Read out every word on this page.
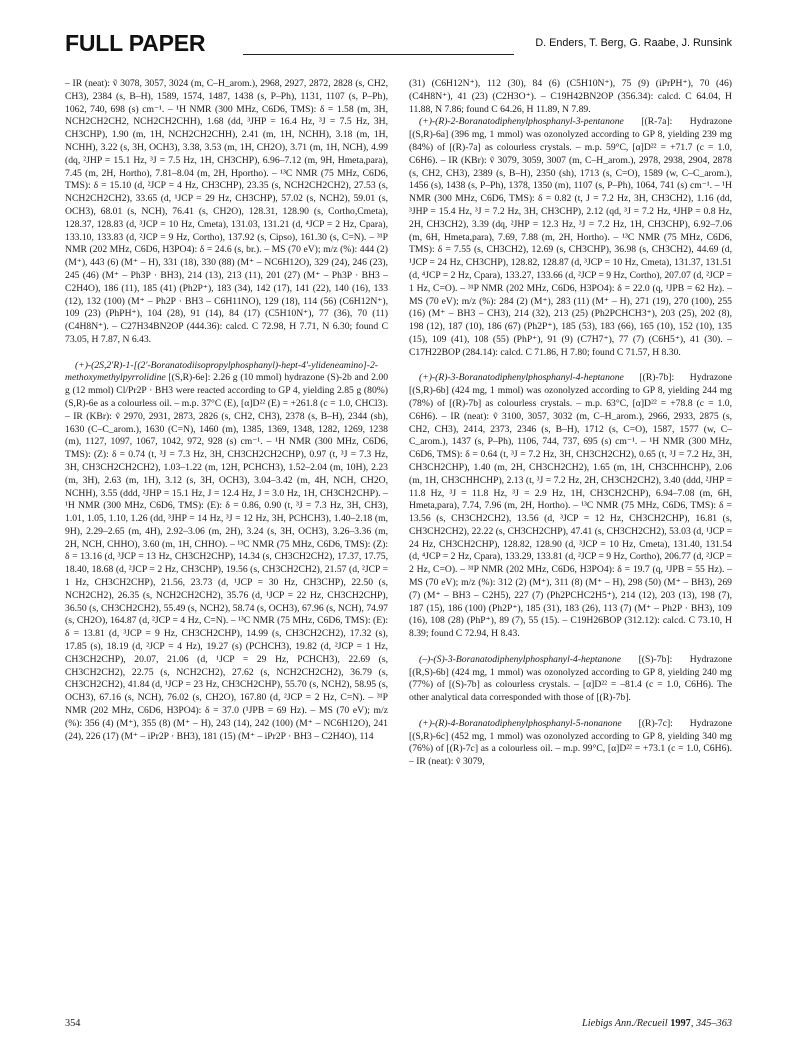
FULL PAPER	D. Enders, T. Berg, G. Raabe, J. Runsink

– IR (neat): ṽ 3078, 3057, 3024 (m, C–H_arom.), 2968, 2927, 2872, 2828 (s, CH2, CH3), 2384 (s, B–H), 1589, 1574, 1487, 1438 (s, P–Ph), 1131, 1107 (s, P–Ph), 1062, 740, 698 (s) cm⁻¹. – ¹H NMR (300 MHz, C6D6, TMS): δ = 1.58 (m, 3H, NCH2CH2CH2, NCH2CH2CHH), 1.68 (dd, ³JHP = 16.4 Hz, ³J = 7.5 Hz, 3H, CH3CHP), 1.90 (m, 1H, NCH2CH2CHH), 2.41 (m, 1H, NCHH), 3.18 (m, 1H, NCHH), 3.22 (s, 3H, OCH3), 3.38, 3.53 (m, 1H, CH2O), 3.71 (m, 1H, NCH), 4.99 (dq, ²JHP = 15.1 Hz, ³J = 7.5 Hz, 1H, CH3CHP), 6.96–7.12 (m, 9H, Hmeta,para), 7.45 (m, 2H, Hortho), 7.81–8.04 (m, 2H, Hportho). – ¹³C NMR (75 MHz, C6D6, TMS): δ = 15.10 (d, ²JCP = 4 Hz, CH3CHP), 23.35 (s, NCH2CH2CH2), 27.53 (s, NCH2CH2CH2), 33.65 (d, ¹JCP = 29 Hz, CH3CHP), 57.02 (s, NCH2), 59.01 (s, OCH3), 68.01 (s, NCH), 76.41 (s, CH2O), 128.31, 128.90 (s, Cortho,Cmeta), 128.37, 128.83 (d, ³JCP = 10 Hz, Cmeta), 131.03, 131.21 (d, ⁴JCP = 2 Hz, Cpara), 133.10, 133.83 (d, ²JCP = 9 Hz, Cortho), 137.92 (s, Cipso), 161.30 (s, C=N). – ³¹P NMR (202 MHz, C6D6, H3PO4): δ = 24.6 (s, br.). – MS (70 eV); m/z (%): 444 (2) (M⁺), 443 (6) (M⁺ – H), 331 (18), 330 (88) (M⁺ – NC6H12O), 329 (24), 246 (23), 245 (46) (M⁺ – Ph3P · BH3), 214 (13), 213 (11), 201 (27) (M⁺ – Ph3P · BH3 – C2H4O), 186 (11), 185 (41) (Ph2P⁺), 183 (34), 142 (17), 141 (22), 140 (16), 133 (12), 132 (100) (M⁺ – Ph2P · BH3 – C6H11NO), 129 (18), 114 (56) (C6H12N⁺), 109 (23) (PhPH⁺), 104 (28), 91 (14), 84 (17) (C5H10N⁺), 77 (36), 70 (11) (C4H8N⁺). – C27H34BN2OP (444.36): calcd. C 72.98, H 7.71, N 6.30; found C 73.05, H 7.87, N 6.43.

(+)-(2S,2′R)-1-[(2′-Boranatodiisopropylphosphanyl)-hept-4′-ylideneamino]-2-methoxymethylpyrrolidine [(S,R)-6e]: 2.26 g (10 mmol) hydrazone (S)-2b and 2.00 g (12 mmol) Cl/Pr2P · BH3 were reacted according to GP 4, yielding 2.85 g (80%) (S,R)-6e as a colourless oil. – m.p. 37°C (E), [α]D²² (E) = +261.8 (c = 1.0, CHCl3). – IR (KBr): ṽ 2970, 2931, 2873, 2826 (s, CH2, CH3), 2378 (s, B–H), 2344 (sh), 1630 (C–C_arom.), 1630 (C=N), 1460 (m), 1385, 1369, 1348, 1282, 1269, 1238 (m), 1127, 1097, 1067, 1042, 972, 928 (s) cm⁻¹. – ¹H NMR (300 MHz, C6D6, TMS): (Z): δ = 0.74 (t, ³J = 7.3 Hz, 3H, CH3CH2CH2CHP), 0.97 (t, ³J = 7.3 Hz, 3H, CH3CH2CH2CH2), 1.03–1.22 (m, 12H, PCHCH3), 1.52–2.04 (m, 10H), 2.23 (m, 3H), 2.63 (m, 1H), 3.12 (s, 3H, OCH3), 3.04–3.42 (m, 4H, NCH, CH2O, NCHH), 3.55 (ddd, ²JHP = 15.1 Hz, J = 12.4 Hz, J = 3.0 Hz, 1H, CH3CH2CHP). – ¹H NMR (300 MHz, C6D6, TMS): (E): δ = 0.86, 0.90 (t, ³J = 7.3 Hz, 3H, CH3), 1.01, 1.05, 1.10, 1.26 (dd, ³JHP = 14 Hz, ³J = 12 Hz, 3H, PCHCH3), 1.40–2.18 (m, 9H), 2.29–2.65 (m, 4H), 2.92–3.06 (m, 2H), 3.24 (s, 3H, OCH3), 3.26–3.36 (m, 2H, NCH, CHHO), 3.60 (m, 1H, CHHO). – ¹³C NMR (75 MHz, C6D6, TMS): (Z): δ = 13.16 (d, ³JCP = 13 Hz, CH3CH2CHP), 14.34 (s, CH3CH2CH2), 17.37, 17.75, 18.40, 18.68 (d, ²JCP = 2 Hz, CH3CHP), 19.56 (s, CH3CH2CH2), 21.57 (d, ²JCP = 1 Hz, CH3CH2CHP), 21.56, 23.73 (d, ¹JCP = 30 Hz, CH3CHP), 22.50 (s, NCH2CH2), 26.35 (s, NCH2CH2CH2), 35.76 (d, ¹JCP = 22 Hz, CH3CH2CHP), 36.50 (s, CH3CH2CH2), 55.49 (s, NCH2), 58.74 (s, OCH3), 67.96 (s, NCH), 74.97 (s, CH2O), 164.87 (d, ²JCP = 4 Hz, C=N). – ¹³C NMR (75 MHz, C6D6, TMS): (E): δ = 13.81 (d, ³JCP = 9 Hz, CH3CH2CHP), 14.99 (s, CH3CH2CH2), 17.32 (s), 17.85 (s), 18.19 (d, ²JCP = 4 Hz), 19.27 (s) (PCHCH3), 19.82 (d, ²JCP = 1 Hz, CH3CH2CHP), 20.07, 21.06 (d, ¹JCP = 29 Hz, PCHCH3), 22.69 (s, CH3CH2CH2), 22.75 (s, NCH2CH2), 27.62 (s, NCH2CH2CH2), 36.79 (s, CH3CH2CH2), 41.84 (d, ¹JCP = 23 Hz, CH3CH2CHP), 55.70 (s, NCH2), 58.95 (s, OCH3), 67.16 (s, NCH), 76.02 (s, CH2O), 167.80 (d, ²JCP = 2 Hz, C=N). – ³¹P NMR (202 MHz, C6D6, H3PO4): δ = 37.0 (¹JPB = 69 Hz). – MS (70 eV); m/z (%): 356 (4) (M⁺), 355 (8) (M⁺ – H), 243 (14), 242 (100) (M⁺ – NC6H12O), 241 (24), 226 (17) (M⁺ – iPr2P · BH3), 181 (15) (M⁺ – iPr2P · BH3 – C2H4O), 114

(31) (C6H12N⁺), 112 (30), 84 (6) (C5H10N⁺), 75 (9) (iPrPH⁺), 70 (46) (C4H8N⁺), 41 (23) (C2H3O⁺). – C19H42BN2OP (356.34): calcd. C 64.04, H 11.88, N 7.86; found C 64.26, H 11.89, N 7.89.

(+)-(R)-2-Boranatodiphenylphosphanyl-3-pentanone [(R-7a]: Hydrazone [(S,R)-6a] (396 mg, 1 mmol) was ozonolyzed according to GP 8, yielding 239 mg (84%) of [(R)-7a] as colourless crystals. – m.p. 59°C, [α]D²² = +71.7 (c = 1.0, C6H6). – IR (KBr): ṽ 3079, 3059, 3007 (m, C–H_arom.), 2978, 2938, 2904, 2878 (s, CH2, CH3), 2389 (s, B–H), 2350 (sh), 1713 (s, C=O), 1589 (w, C–C_arom.), 1456 (s), 1438 (s, P–Ph), 1378, 1350 (m), 1107 (s, P–Ph), 1064, 741 (s) cm⁻¹. – ¹H NMR (300 MHz, C6D6, TMS): δ = 0.82 (t, J = 7.2 Hz, 3H, CH3CH2), 1.16 (dd, ³JHP = 15.4 Hz, ³J = 7.2 Hz, 3H, CH3CHP), 2.12 (qd, ³J = 7.2 Hz, ⁴JHP = 0.8 Hz, 2H, CH3CH2), 3.39 (dq, ²JHP = 12.3 Hz, ³J = 7.2 Hz, 1H, CH3CHP), 6.92–7.06 (m, 6H, Hmeta,para), 7.69, 7.88 (m, 2H, Hortho). – ¹³C NMR (75 MHz, C6D6, TMS): δ = 7.55 (s, CH3CH2), 12.69 (s, CH3CHP), 36.98 (s, CH3CH2), 44.69 (d, ¹JCP = 24 Hz, CH3CHP), 128.82, 128.87 (d, ³JCP = 10 Hz, Cmeta), 131.37, 131.51 (d, ⁴JCP = 2 Hz, Cpara), 133.27, 133.66 (d, ²JCP = 9 Hz, Cortho), 207.07 (d, ²JCP = 1 Hz, C=O). – ³¹P NMR (202 MHz, C6D6, H3PO4): δ = 22.0 (q, ¹JPB = 62 Hz). – MS (70 eV); m/z (%): 284 (2) (M⁺), 283 (11) (M⁺ – H), 271 (19), 270 (100), 255 (16) (M⁺ – BH3 – CH3), 214 (32), 213 (25) (Ph2PCHCH3⁺), 203 (25), 202 (8), 198 (12), 187 (10), 186 (67) (Ph2P⁺), 185 (53), 183 (66), 165 (10), 152 (10), 135 (15), 109 (41), 108 (55) (PhP⁺), 91 (9) (C7H7⁺), 77 (7) (C6H5⁺), 41 (30). – C17H22BOP (284.14): calcd. C 71.86, H 7.80; found C 71.57, H 8.30.

(+)-(R)-3-Boranatodiphenylphosphanyl-4-heptanone [(R)-7b]: Hydrazone [(S,R)-6b] (424 mg, 1 mmol) was ozonolyzed according to GP 8, yielding 244 mg (78%) of [(R)-7b] as colourless crystals. – m.p. 63°C, [α]D²² = +78.8 (c = 1.0, C6H6). – IR (neat): ṽ 3100, 3057, 3032 (m, C–H_arom.), 2966, 2933, 2875 (s, CH2, CH3), 2414, 2373, 2346 (s, B–H), 1712 (s, C=O), 1587, 1577 (w, C–C_arom.), 1437 (s, P–Ph), 1106, 744, 737, 695 (s) cm⁻¹. – ¹H NMR (300 MHz, C6D6, TMS): δ = 0.64 (t, ³J = 7.2 Hz, 3H, CH3CH2CH2), 0.65 (t, ³J = 7.2 Hz, 3H, CH3CH2CHP), 1.40 (m, 2H, CH3CH2CH2), 1.65 (m, 1H, CH3CHHCHP), 2.06 (m, 1H, CH3CHHCHP), 2.13 (t, ³J = 7.2 Hz, 2H, CH3CH2CH2), 3.40 (ddd, ²JHP = 11.8 Hz, ³J = 11.8 Hz, ³J = 2.9 Hz, 1H, CH3CH2CHP), 6.94–7.08 (m, 6H, Hmeta,para), 7.74, 7.96 (m, 2H, Hortho). – ¹³C NMR (75 MHz, C6D6, TMS): δ = 13.56 (s, CH3CH2CH2), 13.56 (d, ³JCP = 12 Hz, CH3CH2CHP), 16.81 (s, CH3CH2CH2), 22.22 (s, CH3CH2CHP), 47.41 (s, CH3CH2CH2), 53.03 (d, ¹JCP = 24 Hz, CH3CH2CHP), 128.82, 128.90 (d, ³JCP = 10 Hz, Cmeta), 131.40, 131.54 (d, ⁴JCP = 2 Hz, Cpara), 133.29, 133.81 (d, ²JCP = 9 Hz, Cortho), 206.77 (d, ²JCP = 2 Hz, C=O). – ³¹P NMR (202 MHz, C6D6, H3PO4): δ = 19.7 (q, ¹JPB = 55 Hz). – MS (70 eV); m/z (%): 312 (2) (M⁺), 311 (8) (M⁺ – H), 298 (50) (M⁺ – BH3), 269 (7) (M⁺ – BH3 – C2H5), 227 (7) (Ph2PCHC2H5⁺), 214 (12), 203 (13), 198 (7), 187 (15), 186 (100) (Ph2P⁺), 185 (31), 183 (26), 113 (7) (M⁺ – Ph2P · BH3), 109 (16), 108 (28) (PhP⁺), 89 (7), 55 (15). – C19H26BOP (312.12): calcd. C 73.10, H 8.39; found C 72.94, H 8.43.

(–)-(S)-3-Boranatodiphenylphosphanyl-4-heptanone [(S)-7b]: Hydrazone [(R,S)-6b] (424 mg, 1 mmol) was ozonolyzed according to GP 8, yielding 240 mg (77%) of [(S)-7b] as colourless crystals. – [α]D²² = –81.4 (c = 1.0, C6H6). The other analytical data corresponded with those of [(R)-7b].

(+)-(R)-4-Boranatodiphenylphosphanyl-5-nonanone [(R)-7c]: Hydrazone [(S,R)-6c] (452 mg, 1 mmol) was ozonolyzed according to GP 8, yielding 340 mg (76%) of [(R)-7c] as a colourless oil. – m.p. 99°C, [α]D²² = +73.1 (c = 1.0, C6H6). – IR (neat): ṽ 3079,

354	Liebigs Ann./Recueil 1997, 345–363
